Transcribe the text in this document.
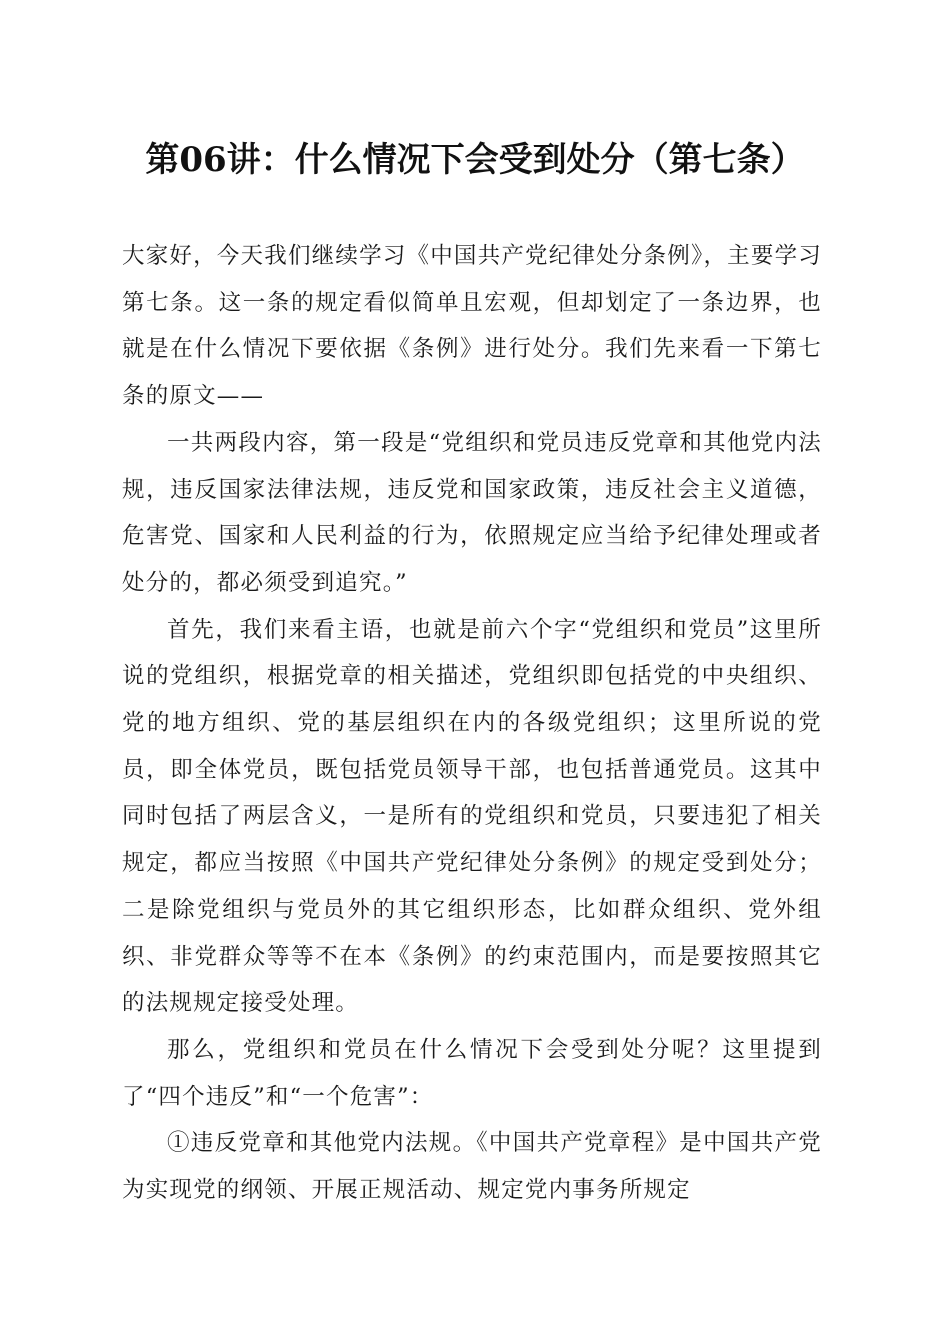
第06讲：什么情况下会受到处分（第七条）

大家好，今天我们继续学习《中国共产党纪律处分条例》，主要学习第七条。这一条的规定看似简单且宏观，但却划定了一条边界，也就是在什么情况下要依据《条例》进行处分。我们先来看一下第七条的原文——

一共两段内容，第一段是“党组织和党员违反党章和其他党内法规，违反国家法律法规，违反党和国家政策，违反社会主义道德，危害党、国家和人民利益的行为，依照规定应当给予纪律处理或者处分的，都必须受到追究。”

首先，我们来看主语，也就是前六个字“党组织和党员”这里所说的党组织，根据党章的相关描述，党组织即包括党的中央组织、党的地方组织、党的基层组织在内的各级党组织；这里所说的党员，即全体党员，既包括党员领导干部，也包括普通党员。这其中同时包括了两层含义，一是所有的党组织和党员，只要违犯了相关规定，都应当按照《中国共产党纪律处分条例》的规定受到处分；二是除党组织与党员外的其它组织形态，比如群众组织、党外组织、非党群众等等不在本《条例》的约束范围内，而是要按照其它的法规规定接受处理。

那么，党组织和党员在什么情况下会受到处分呢？这里提到了“四个违反”和“一个危害”：

①违反党章和其他党内法规。《中国共产党章程》是中国共产党为实现党的纲领、开展正规活动、规定党内事务所规定
